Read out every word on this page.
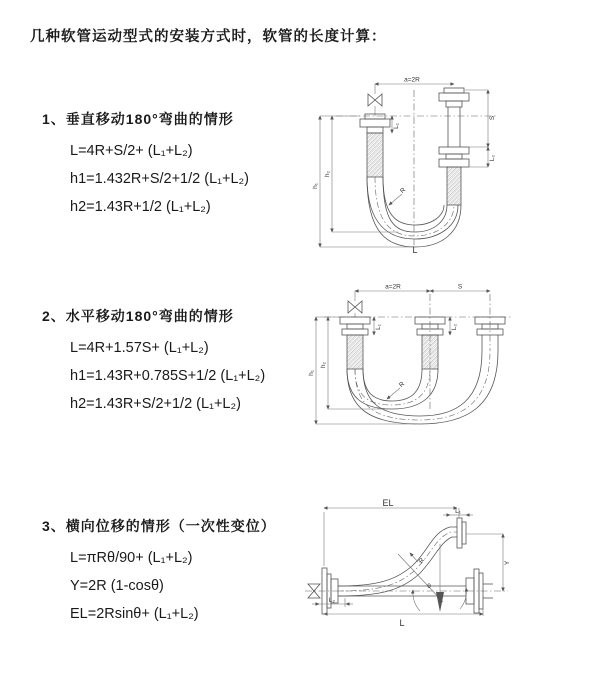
几种软管运动型式的安装方式时，软管的长度计算：
1、垂直移动180°弯曲的情形
L=4R+S/2+ (L₁+L₂)
h1=1.432R+S/2+1/2 (L₁+L₂)
h2=1.43R+1/2 (L₁+L₂)
2、水平移动180°弯曲的情形
L=4R+1.57S+ (L₁+L₂)
h1=1.43R+0.785S+1/2 (L₁+L₂)
h2=1.43R+S/2+1/2 (L₁+L₂)
3、横向位移的情形（一次性变位）
L=πRθ/90+ (L₁+L₂)
Y=2R (1-cosθ)
EL=2Rsinθ+ (L₁+L₂)
a=2R
h₁
h₂
L₁
S
L₂
R
L
a=2R	S
h₁
h₂
L₁	L₂
R
EL
L₁
Y
θ
R
L₂
L
